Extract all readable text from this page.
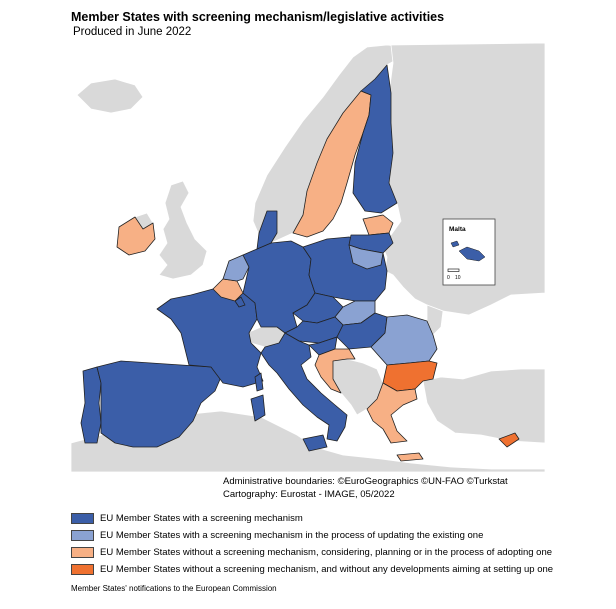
Member States with screening mechanism/legislative activities
Produced in June 2022
Malta
0 10
Administrative boundaries: ©EuroGeographics ©UN-FAO ©Turkstat
Cartography: Eurostat - IMAGE, 05/2022
EU Member States with a screening mechanism
EU Member States with a screening mechanism in the process of updating the existing one
EU Member States without a screening mechanism, considering, planning or in the process of adopting one
EU Member States without a screening mechanism, and without any developments aiming at setting up one
Member States' notifications to the European Commission
